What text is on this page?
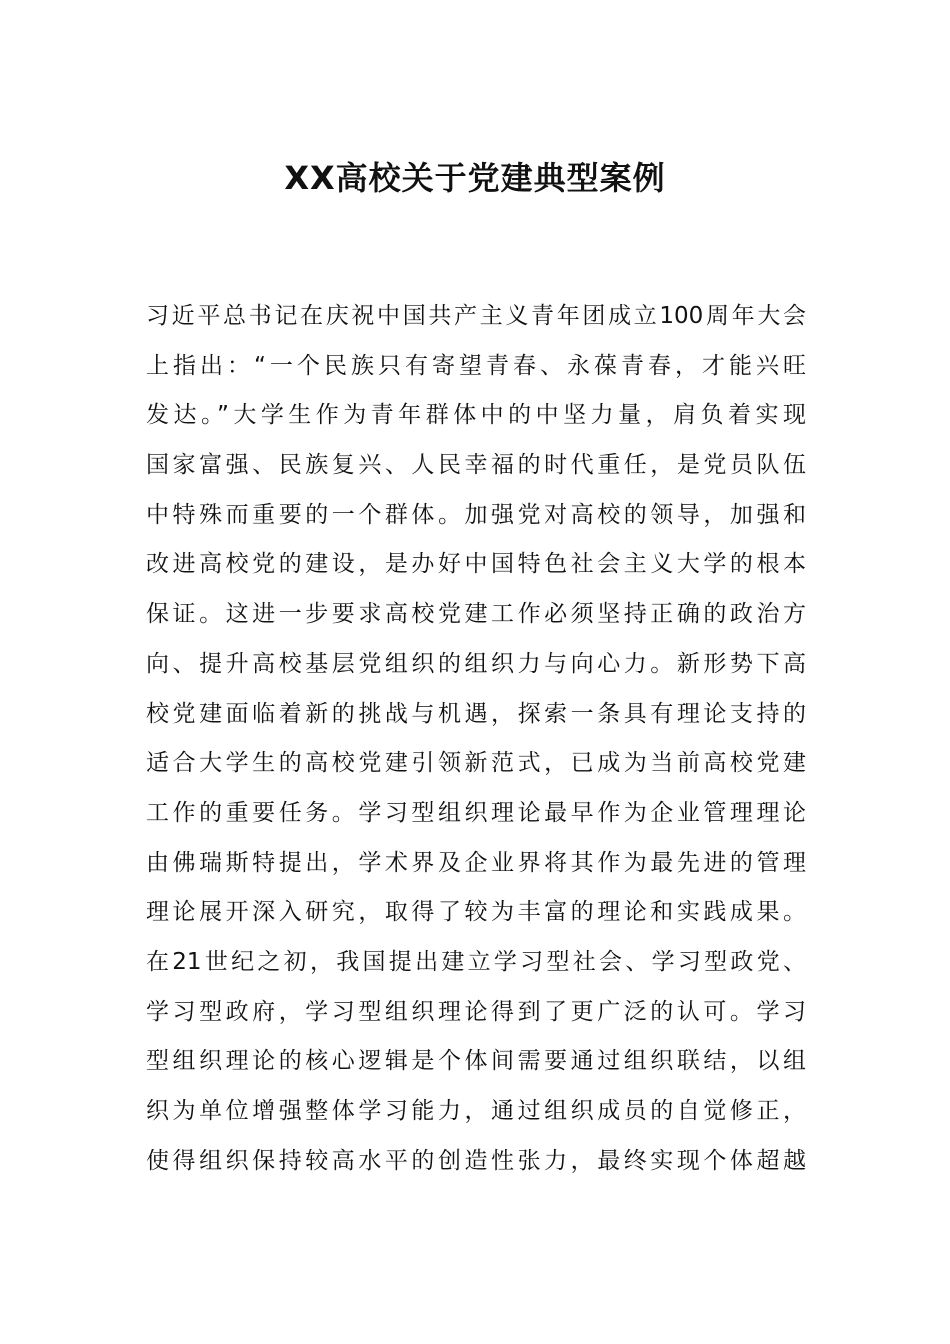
XX高校关于党建典型案例
习近平总书记在庆祝中国共产主义青年团成立100周年大会
上指出：“一个民族只有寄望青春、永葆青春，才能兴旺
发达。”大学生作为青年群体中的中坚力量，肩负着实现
国家富强、民族复兴、人民幸福的时代重任，是党员队伍
中特殊而重要的一个群体。加强党对高校的领导，加强和
改进高校党的建设，是办好中国特色社会主义大学的根本
保证。这进一步要求高校党建工作必须坚持正确的政治方
向、提升高校基层党组织的组织力与向心力。新形势下高
校党建面临着新的挑战与机遇，探索一条具有理论支持的
适合大学生的高校党建引领新范式，已成为当前高校党建
工作的重要任务。学习型组织理论最早作为企业管理理论
由佛瑞斯特提出，学术界及企业界将其作为最先进的管理
理论展开深入研究，取得了较为丰富的理论和实践成果。
在21世纪之初，我国提出建立学习型社会、学习型政党、
学习型政府，学习型组织理论得到了更广泛的认可。学习
型组织理论的核心逻辑是个体间需要通过组织联结，以组
织为单位增强整体学习能力，通过组织成员的自觉修正，
使得组织保持较高水平的创造性张力，最终实现个体超越
